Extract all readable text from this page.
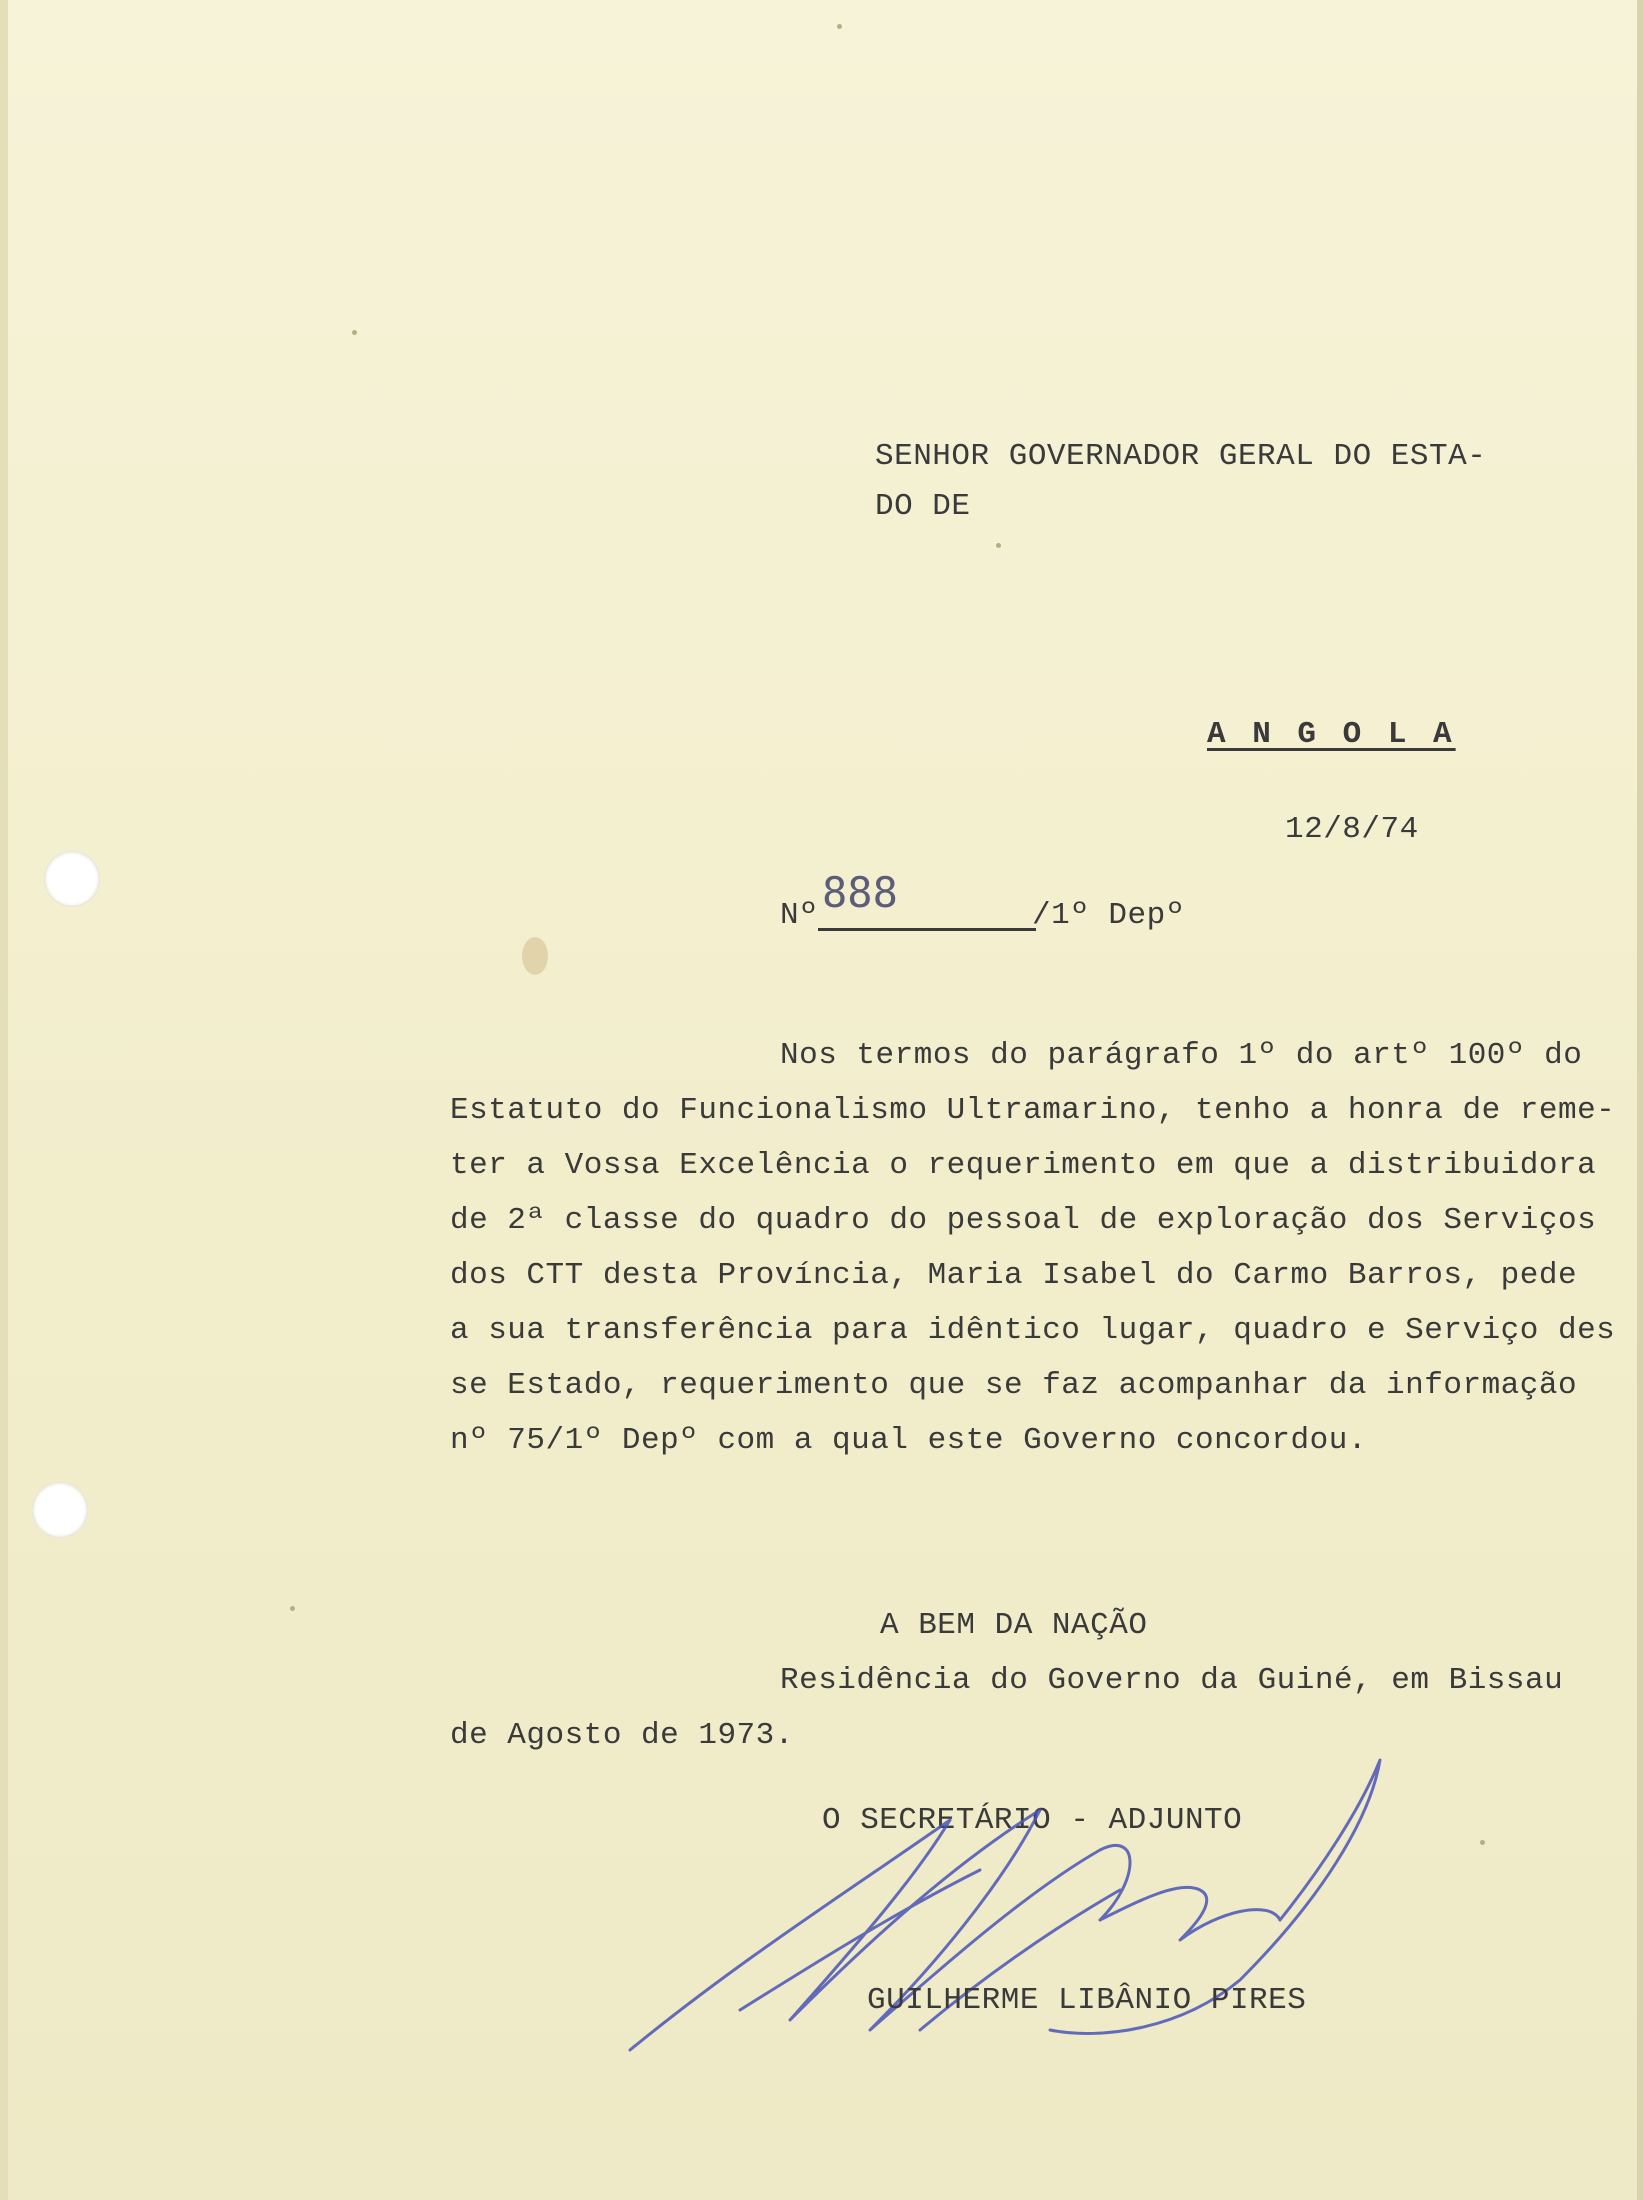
SENHOR GOVERNADOR GERAL DO ESTA-
DO DE
A N G O L A
12/8/74
Nº 888	/1º Depº
Nos termos do parágrafo 1º do artº 100º do
Estatuto do Funcionalismo Ultramarino, tenho a honra de reme-
ter a Vossa Excelência o requerimento em que a distribuidora
de 2ª classe do quadro do pessoal de exploração dos Serviços
dos CTT desta Província, Maria Isabel do Carmo Barros, pede
a sua transferência para idêntico lugar, quadro e Serviço des
se Estado, requerimento que se faz acompanhar da informação
nº 75/1º Depº com a qual este Governo concordou.
A BEM DA NAÇÃO
Residência do Governo da Guiné, em Bissau
de Agosto de 1973.
O SECRETÁRIO - ADJUNTO
GUILHERME LIBÂNIO PIRES
